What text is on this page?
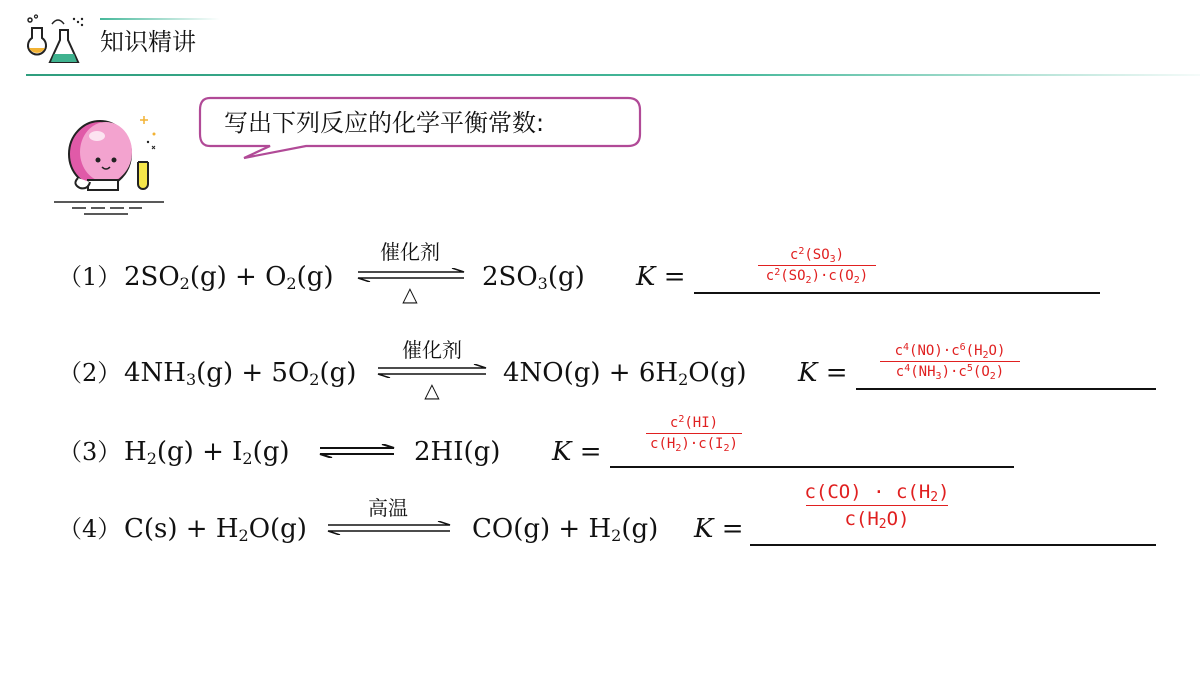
知识精讲
写出下列反应的化学平衡常数:
（1） $2SO_2(g) + O_2(g)$	$2SO_3(g) K$ =
催化剂
△
$c^2(SO_3)$
$c^2(SO_2)\cdot c(O_2)$
（2） $4NH_3(g) + 5O_2(g)$	$4NO(g) + 6H_2O(g) K$ =
催化剂
△
$c^4(NO)\cdot c^6(H_2O)$
$c^4(NH_3)\cdot c^5(O_2)$
（3） $H_2(g) + I_2(g)$	2HI(g) K =
$c^2(HI)$
$c(H_2)\cdot c(I_2)$
（4） $C(s) + H_2O(g)$	$CO(g) + H_2(g) K$ =
高温
$c(CO) \cdot c(H_2)$
$c(H_2O)$
